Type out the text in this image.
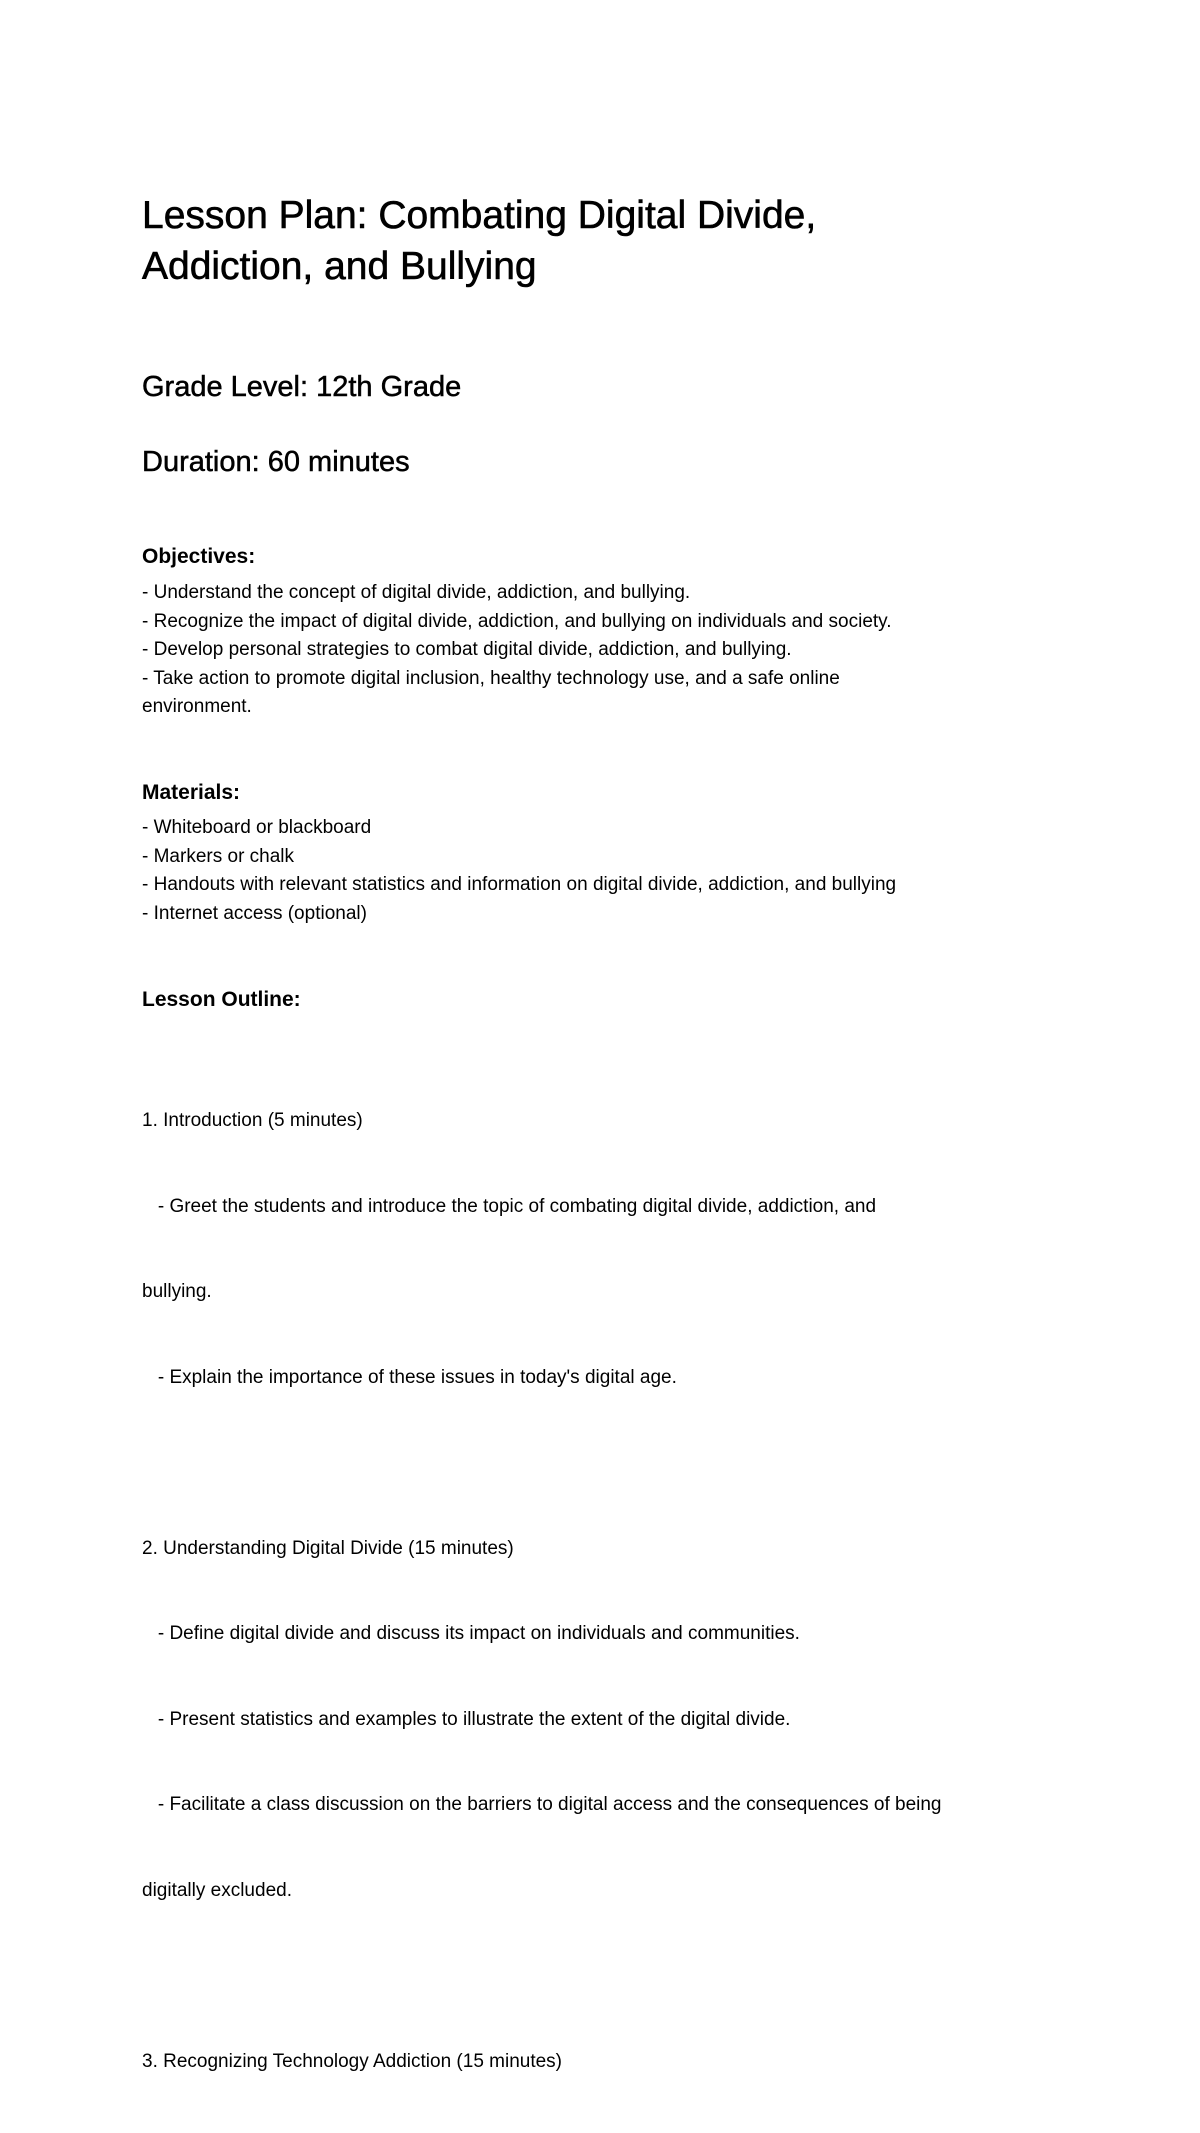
Lesson Plan: Combating Digital Divide,
Addiction, and Bullying
Grade Level: 12th Grade
Duration: 60 minutes
Objectives:
- Understand the concept of digital divide, addiction, and bullying.
- Recognize the impact of digital divide, addiction, and bullying on individuals and society.
- Develop personal strategies to combat digital divide, addiction, and bullying.
- Take action to promote digital inclusion, healthy technology use, and a safe online
environment.
Materials:
- Whiteboard or blackboard
- Markers or chalk
- Handouts with relevant statistics and information on digital divide, addiction, and bullying
- Internet access (optional)
Lesson Outline:

1. Introduction (5 minutes)

- Greet the students and introduce the topic of combating digital divide, addiction, and

bullying.

- Explain the importance of these issues in today's digital age.

2. Understanding Digital Divide (15 minutes)

- Define digital divide and discuss its impact on individuals and communities.

- Present statistics and examples to illustrate the extent of the digital divide.

- Facilitate a class discussion on the barriers to digital access and the consequences of being

digitally excluded.

3. Recognizing Technology Addiction (15 minutes)
